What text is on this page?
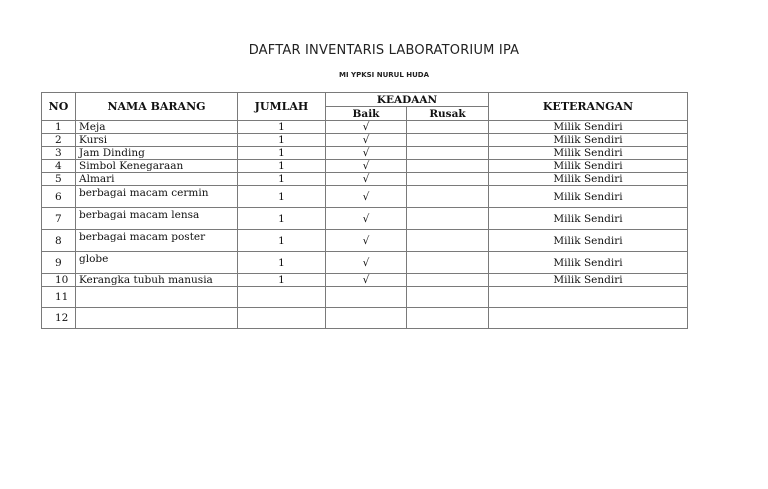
DAFTAR INVENTARIS LABORATORIUM IPA
MI YPKSI NURUL HUDA
NO	NAMA BARANG	JUMLAH	KEADAAN		KETERANGAN
			Baik	Rusak	
1	Meja	1	√		Milik Sendiri
2	Kursi	1	√		Milik Sendiri
3	Jam Dinding	1	√		Milik Sendiri
4	Simbol Kenegaraan	1	√		Milik Sendiri
5	Almari	1	√		Milik Sendiri
6	berbagai macam cermin	1	√		Milik Sendiri
7	berbagai macam lensa	1	√		Milik Sendiri
8	berbagai macam poster	1	√		Milik Sendiri
9	globe	1	√		Milik Sendiri
10	Kerangka tubuh manusia	1	√		Milik Sendiri
11					
12					
